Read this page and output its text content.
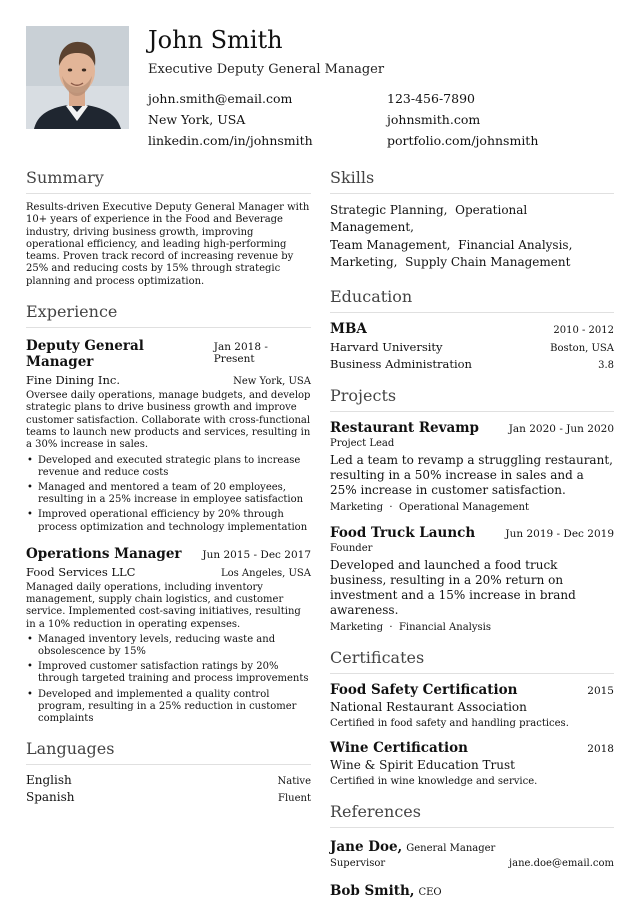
John Smith
Executive Deputy General Manager
john.smith@email.com	123-456-7890
New York, USA	johnsmith.com
linkedin.com/in/johnsmith	portfolio.com/johnsmith
Summary
Results-driven Executive Deputy General Manager with 10+ years of experience in the Food and Beverage industry, driving business growth, improving operational efficiency, and leading high-performing teams. Proven track record of increasing revenue by 25% and reducing costs by 15% through strategic planning and process optimization.
Experience
Deputy General Manager
Jan 2018 - Present
Fine Dining Inc.	New York, USA
Oversee daily operations, manage budgets, and develop strategic plans to drive business growth and improve customer satisfaction. Collaborate with cross-functional teams to launch new products and services, resulting in a 30% increase in sales.
• Developed and executed strategic plans to increase revenue and reduce costs
• Managed and mentored a team of 20 employees, resulting in a 25% increase in employee satisfaction
• Improved operational efficiency by 20% through process optimization and technology implementation
Operations Manager Jun 2015 - Dec 2017
Food Services LLC	Los Angeles, USA
Managed daily operations, including inventory management, supply chain logistics, and customer service. Implemented cost-saving initiatives, resulting in a 10% reduction in operating expenses.
• Managed inventory levels, reducing waste and obsolescence by 15%
• Improved customer satisfaction ratings by 20% through targeted training and process improvements
• Developed and implemented a quality control program, resulting in a 25% reduction in customer complaints
Languages
English	Native
Spanish	Fluent
Skills
Strategic Planning, Operational Management,
Team Management, Financial Analysis,
Marketing, Supply Chain Management
Education
MBA	2010 - 2012
Harvard University	Boston, USA
Business Administration	3.8
Projects
Restaurant Revamp	Jan 2020 - Jun 2020
Project Lead
Led a team to revamp a struggling restaurant, resulting in a 50% increase in sales and a 25% increase in customer satisfaction.
Marketing · Operational Management
Food Truck Launch	Jun 2019 - Dec 2019
Founder
Developed and launched a food truck business, resulting in a 20% return on investment and a 15% increase in brand awareness.
Marketing · Financial Analysis
Certificates
Food Safety Certification	2015
National Restaurant Association
Certified in food safety and handling practices.
Wine Certification	2018
Wine & Spirit Education Trust
Certified in wine knowledge and service.
References
Jane Doe, General Manager
Supervisor	jane.doe@email.com
Bob Smith, CEO
